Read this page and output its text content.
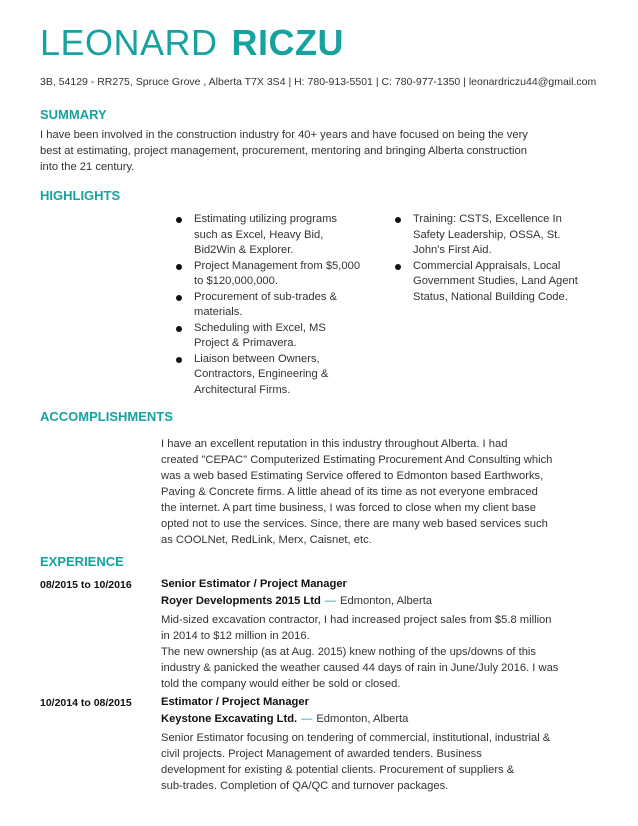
LEONARD RICZU
3B, 54129 - RR275, Spruce Grove , Alberta T7X 3S4 | H: 780-913-5501 | C: 780-977-1350 | leonardriczu44@gmail.com
SUMMARY
I have been involved in the construction industry for 40+ years and have focused on being the very
best at estimating, project management, procurement, mentoring and bringing Alberta construction
into the 21 century.
HIGHLIGHTS
Estimating utilizing programs
such as Excel, Heavy Bid,
Bid2Win & Explorer.
Project Management from $5,000
to $120,000,000.
Procurement of sub-trades &
materials.
Scheduling with Excel, MS
Project & Primavera.
Liaison between Owners,
Contractors, Engineering &
Architectural Firms.
Training: CSTS, Excellence In
Safety Leadership, OSSA, St.
John's First Aid.
Commercial Appraisals, Local
Government Studies, Land Agent
Status, National Building Code.
ACCOMPLISHMENTS
I have an excellent reputation in this industry throughout Alberta. I had
created "CEPAC" Computerized Estimating Procurement And Consulting which
was a web based Estimating Service offered to Edmonton based Earthworks,
Paving & Concrete firms. A little ahead of its time as not everyone embraced
the internet. A part time business, I was forced to close when my client base
opted not to use the services. Since, there are many web based services such
as COOLNet, RedLink, Merx, Caisnet, etc.
EXPERIENCE
08/2015 to 10/2016	Senior Estimator / Project Manager
Royer Developments 2015 Ltd — Edmonton, Alberta
Mid-sized excavation contractor, I had increased project sales from $5.8 million
in 2014 to $12 million in 2016.
The new ownership (as at Aug. 2015) knew nothing of the ups/downs of this
industry & panicked the weather caused 44 days of rain in June/July 2016. I was
told the company would either be sold or closed.
10/2014 to 08/2015	Estimator / Project Manager
Keystone Excavating Ltd. — Edmonton, Alberta
Senior Estimator focusing on tendering of commercial, institutional, industrial &
civil projects. Project Management of awarded tenders. Business
development for existing & potential clients. Procurement of suppliers &
sub-trades. Completion of QA/QC and turnover packages.
